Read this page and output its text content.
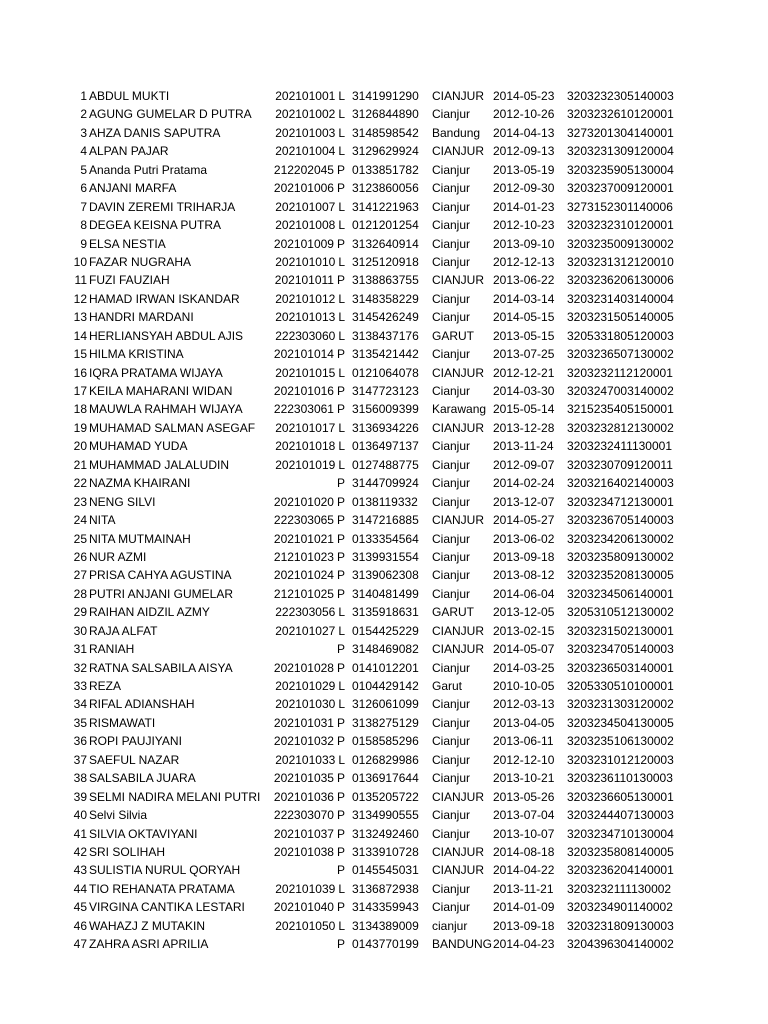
1 ABDUL MUKTI	202101001 L 3141991290 CIANJUR 2014-05-23 3203232305140003
2 AGUNG GUMELAR D PUTRA	202101002 L 3126844890 Cianjur 2012-10-26 3203232610120001
3 AHZA DANIS SAPUTRA	202101003 L 3148598542 Bandung 2014-04-13 3273201304140001
4 ALPAN PAJAR	202101004 L 3129629924 CIANJUR 2012-09-13 3203231309120004
5 Ananda Putri Pratama	212202045 P 0133851782 Cianjur 2013-05-19 3203235905130004
6 ANJANI MARFA	202101006 P 3123860056 Cianjur 2012-09-30 3203237009120001
7 DAVIN ZEREMI TRIHARJA	202101007 L 3141221963 Cianjur 2014-01-23 3273152301140006
8 DEGEA KEISNA PUTRA	202101008 L 0121201254 Cianjur 2012-10-23 3203232310120001
9 ELSA NESTIA	202101009 P 3132640914 Cianjur 2013-09-10 3203235009130002
10 FAZAR NUGRAHA	202101010 L 3125120918 Cianjur 2012-12-13 3203231312120010
11 FUZI FAUZIAH	202101011 P 3138863755 CIANJUR 2013-06-22 3203236206130006
12 HAMAD IRWAN ISKANDAR	202101012 L 3148358229 Cianjur 2014-03-14 3203231403140004
13 HANDRI MARDANI	202101013 L 3145426249 Cianjur 2014-05-15 3203231505140005
14 HERLIANSYAH ABDUL AJIS	222303060 L 3138437176 GARUT 2013-05-15 3205331805120003
15 HILMA KRISTINA	202101014 P 3135421442 Cianjur 2013-07-25 3203236507130002
16 IQRA PRATAMA WIJAYA	202101015 L 0121064078 CIANJUR 2012-12-21 3203232112120001
17 KEILA MAHARANI WIDAN	202101016 P 3147723123 Cianjur 2014-03-30 3203247003140002
18 MAUWLA RAHMAH WIJAYA	222303061 P 3156009399 Karawang 2015-05-14 3215235405150001
19 MUHAMAD SALMAN ASEGAF	202101017 L 3136934226 CIANJUR 2013-12-28 3203232812130002
20 MUHAMAD YUDA	202101018 L 0136497137 Cianjur 2013-11-24 3203232411130001
21 MUHAMMAD JALALUDIN	202101019 L 0127488775 Cianjur 2012-09-07 3203230709120011
22 NAZMA KHAIRANI	P 3144709924 Cianjur 2014-02-24 3203216402140003
23 NENG SILVI	202101020 P 0138119332 Cianjur 2013-12-07 3203234712130001
24 NITA	222303065 P 3147216885 CIANJUR 2014-05-27 3203236705140003
25 NITA MUTMAINAH	202101021 P 0133354564 Cianjur 2013-06-02 3203234206130002
26 NUR AZMI	212101023 P 3139931554 Cianjur 2013-09-18 3203235809130002
27 PRISA CAHYA AGUSTINA	202101024 P 3139062308 Cianjur 2013-08-12 3203235208130005
28 PUTRI ANJANI GUMELAR	212101025 P 3140481499 Cianjur 2014-06-04 3203234506140001
29 RAIHAN AIDZIL AZMY	222303056 L 3135918631 GARUT 2013-12-05 3205310512130002
30 RAJA ALFAT	202101027 L 0154425229 CIANJUR 2013-02-15 3203231502130001
31 RANIAH	P 3148469082 CIANJUR 2014-05-07 3203234705140003
32 RATNA SALSABILA AISYA	202101028 P 0141012201 Cianjur 2014-03-25 3203236503140001
33 REZA	202101029 L 0104429142 Garut	2010-10-05 3205330510100001
34 RIFAL ADIANSHAH	202101030 L 3126061099 Cianjur 2012-03-13 3203231303120002
35 RISMAWATI	202101031 P 3138275129 Cianjur 2013-04-05 3203234504130005
36 ROPI PAUJIYANI	202101032 P 0158585296 Cianjur 2013-06-11 3203235106130002
37 SAEFUL NAZAR	202101033 L 0126829986 Cianjur 2012-12-10 3203231012120003
38 SALSABILA JUARA	202101035 P 0136917644 Cianjur 2013-10-21 3203236110130003
39 SELMI NADIRA MELANI PUTRI	202101036 P 0135205722 CIANJUR 2013-05-26 3203236605130001
40 Selvi Silvia	222303070 P 3134990555 Cianjur 2013-07-04 3203244407130003
41 SILVIA OKTAVIYANI	202101037 P 3132492460 Cianjur 2013-10-07 3203234710130004
42 SRI SOLIHAH	202101038 P 3133910728 CIANJUR 2014-08-18 3203235808140005
43 SULISTIA NURUL QORYAH	P 0145545031 CIANJUR 2014-04-22 3203236204140001
44 TIO REHANATA PRATAMA	202101039 L 3136872938 Cianjur 2013-11-21 3203232111130002
45 VIRGINA CANTIKA LESTARI	202101040 P 3143359943 Cianjur 2014-01-09 3203234901140002
46 WAHAZJ Z MUTAKIN	202101050 L 3134389009 cianjur 2013-09-18 3203231809130003
47 ZAHRA ASRI APRILIA	P 0143770199 BANDUNG 2014-04-23 3204396304140002
